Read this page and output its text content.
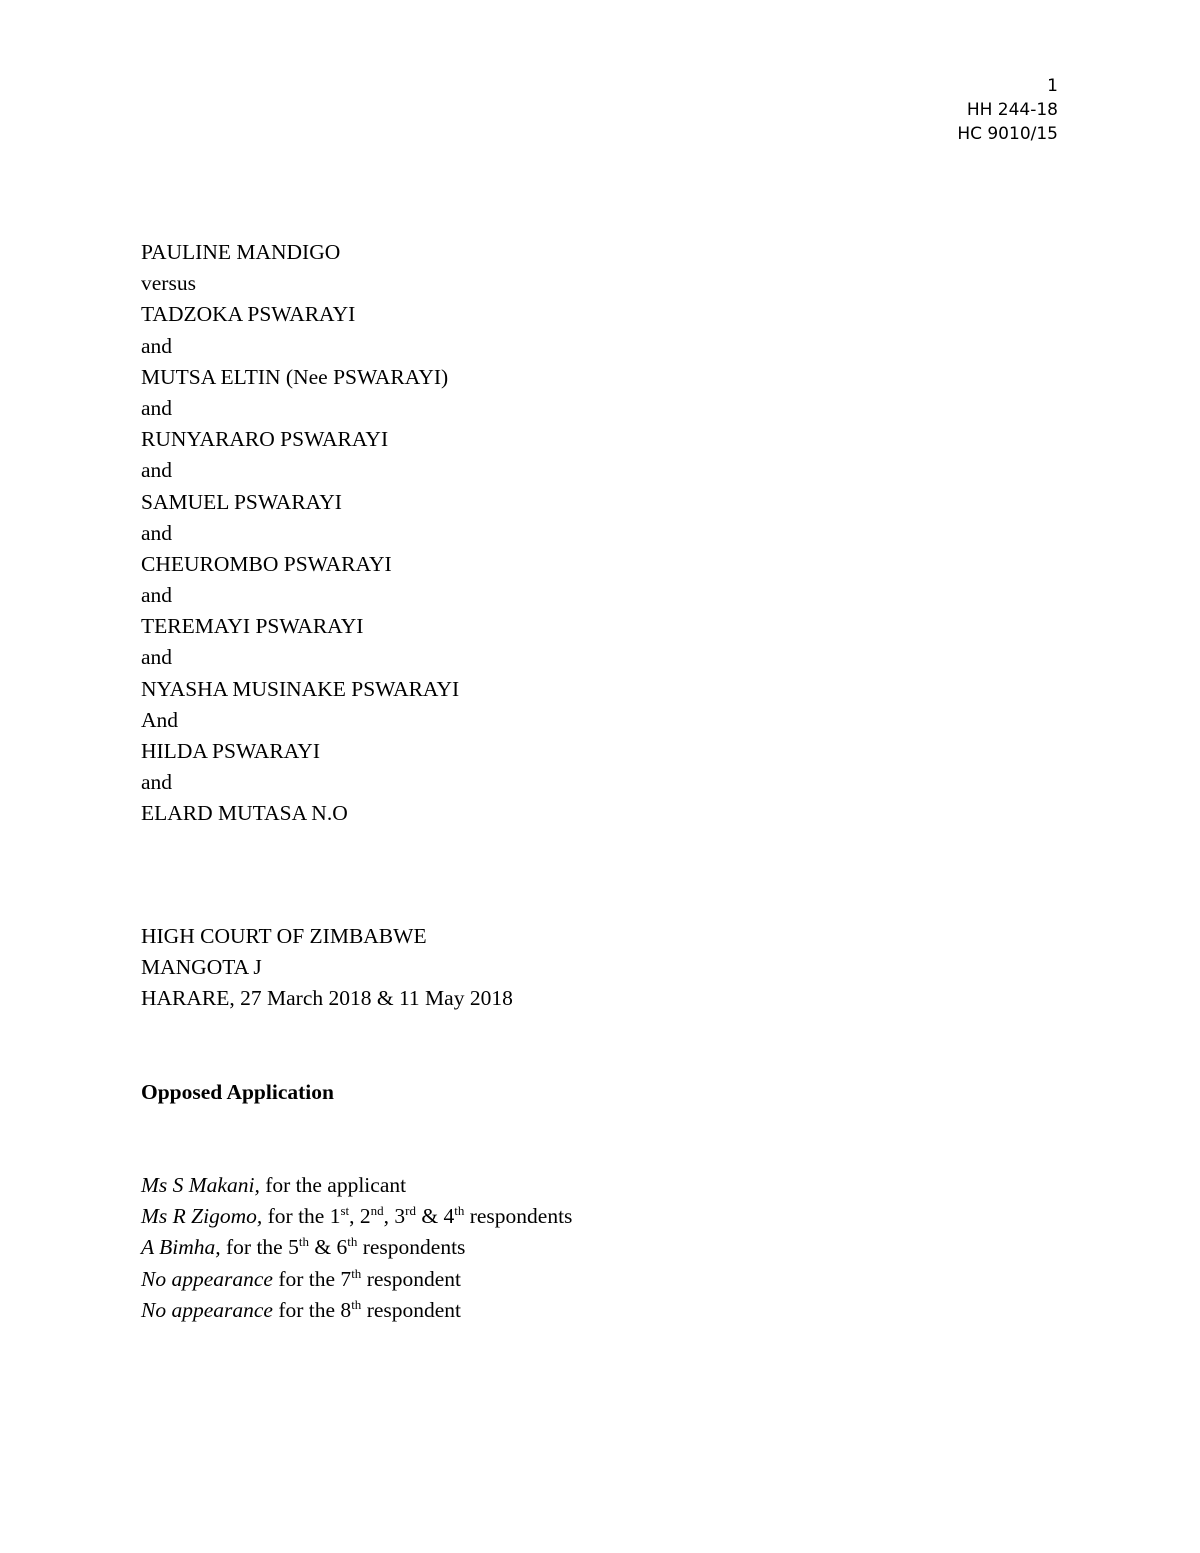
1
HH 244-18
HC 9010/15
PAULINE MANDIGO
versus
TADZOKA PSWARAYI
and
MUTSA ELTIN (Nee PSWARAYI)
and
RUNYARARO PSWARAYI
and
SAMUEL PSWARAYI
and
CHEUROMBO PSWARAYI
and
TEREMAYI PSWARAYI
and
NYASHA MUSINAKE PSWARAYI
And
HILDA PSWARAYI
and
ELARD MUTASA N.O
HIGH COURT OF ZIMBABWE
MANGOTA J
HARARE, 27 March 2018 & 11 May 2018
Opposed Application
Ms S Makani, for the applicant
Ms R Zigomo, for the 1st, 2nd, 3rd & 4th respondents
A Bimha, for the 5th & 6th respondents
No appearance for the 7th respondent
No appearance for the 8th respondent
